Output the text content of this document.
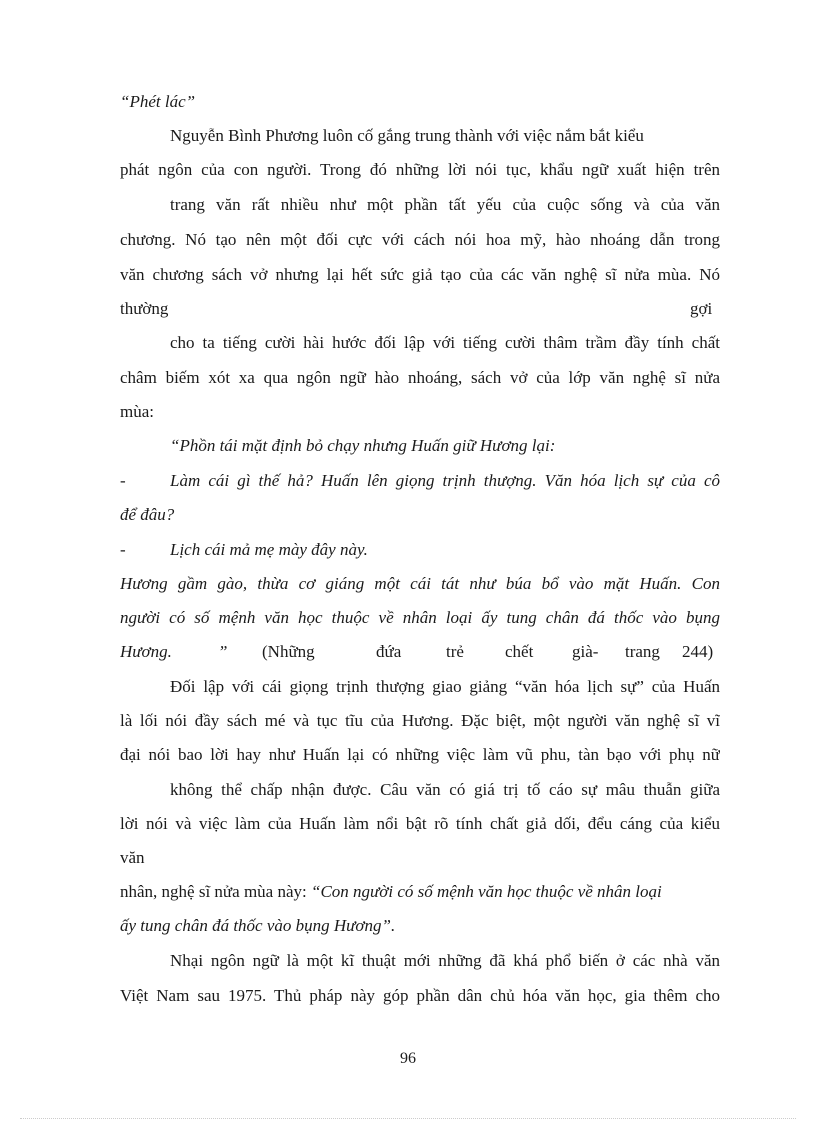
“Phét lác”
Nguyễn Bình Phương luôn cố gắng trung thành với việc nắm bắt kiểu
phát ngôn của con người. Trong đó những lời nói tục, khẩu ngữ xuất hiện trên
trang văn rất nhiều như một phần tất yếu của cuộc sống và của văn
chương. Nó tạo nên một đối cực với cách nói hoa mỹ, hào nhoáng dẫn trong
văn chương sách vở nhưng lại hết sức giả tạo của các văn nghệ sĩ nửa mùa. Nó
thường	gợi
cho ta tiếng cười hài hước đối lập với tiếng cười thâm trầm đầy tính chất
châm biếm xót xa qua ngôn ngữ hào nhoáng, sách vở của lớp văn nghệ sĩ nửa
mùa:
“Phồn tái mặt định bỏ chạy nhưng Huấn giữ Hương lại:
-	Làm cái gì thế hả? Huấn lên giọng trịnh thượng. Văn hóa lịch sự của cô
để đâu?
-	Lịch cái mả mẹ mày đây này.
Hương gầm gào, thừa cơ giáng một cái tát như búa bổ vào mặt Huấn. Con
người có số mệnh văn học thuộc về nhân loại ấy tung chân đá thốc vào bụng
Hương.	”	(Những	đứa	trẻ	chết	già-	trang	244)
Đối lập với cái giọng trịnh thượng giao giảng “văn hóa lịch sự” của Huấn
là lối nói đầy sách mé và tục tĩu của Hương. Đặc biệt, một người văn nghệ sĩ vĩ
đại nói bao lời hay như Huấn lại có những việc làm vũ phu, tàn bạo với phụ nữ
không thể chấp nhận được. Câu văn có giá trị tố cáo sự mâu thuẫn giữa
lời nói và việc làm của Huấn làm nổi bật rõ tính chất giả dối, đểu cáng của kiểu
văn
nhân, nghệ sĩ nửa mùa này: “Con người có số mệnh văn học thuộc về nhân loại
ấy tung chân đá thốc vào bụng Hương”.
Nhại ngôn ngữ là một kĩ thuật mới những đã khá phổ biến ở các nhà văn
Việt Nam sau 1975. Thủ pháp này góp phần dân chủ hóa văn học, gia thêm cho
96
